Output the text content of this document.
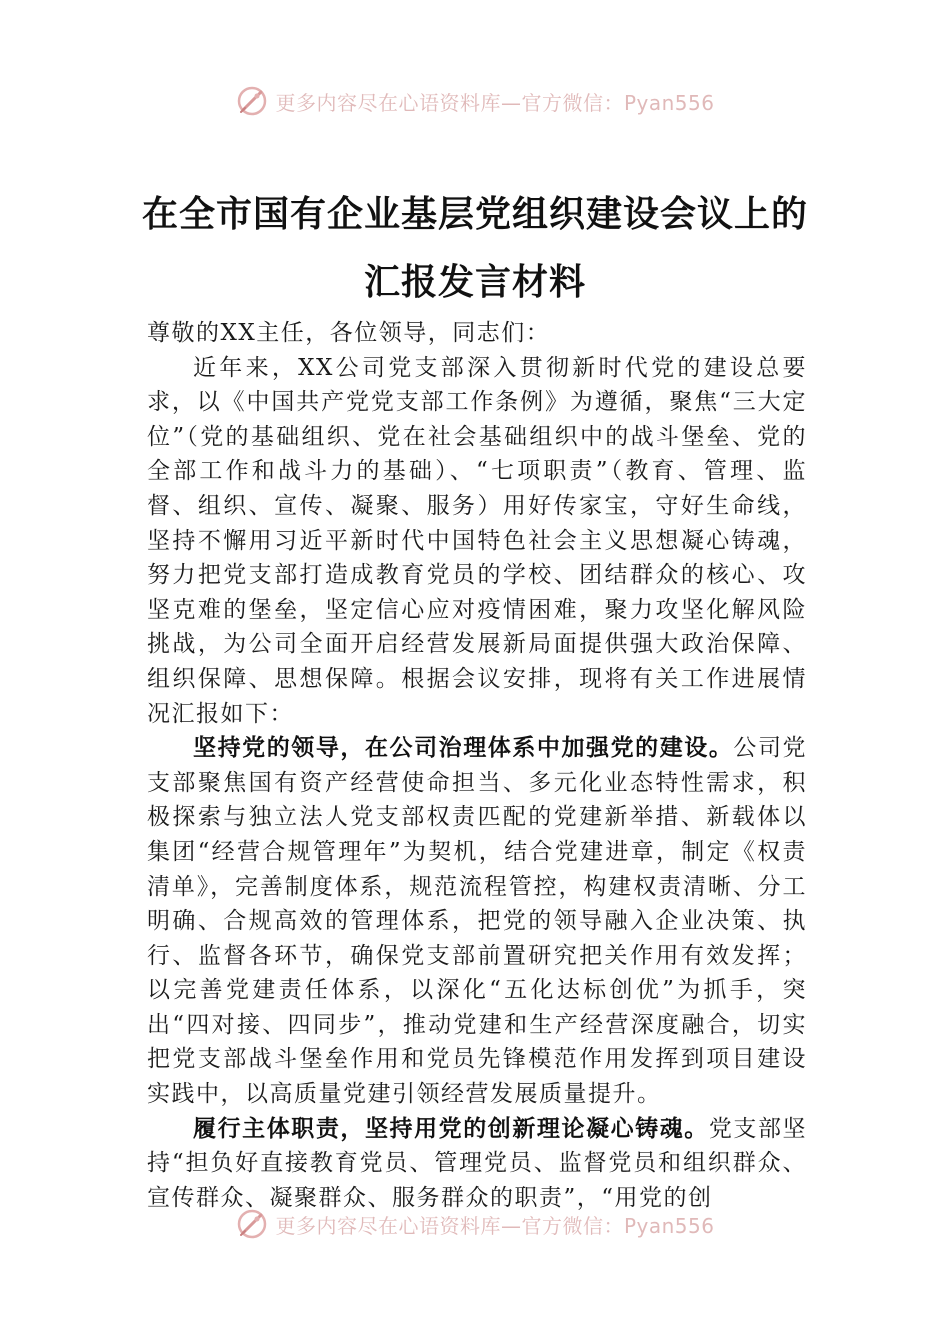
更多内容尽在心语资料库—官方微信：Pyan556
在全市国有企业基层党组织建设会议上的
汇报发言材料

尊敬的XX主任，各位领导，同志们：

近年来，XX公司党支部深入贯彻新时代党的建设总要求，以《中国共产党党支部工作条例》为遵循，聚焦“三大定位”（党的基础组织、党在社会基础组织中的战斗堡垒、党的全部工作和战斗力的基础）、“七项职责”（教育、管理、监督、组织、宣传、凝聚、服务）用好传家宝，守好生命线，坚持不懈用习近平新时代中国特色社会主义思想凝心铸魂，努力把党支部打造成教育党员的学校、团结群众的核心、攻坚克难的堡垒，坚定信心应对疫情困难，聚力攻坚化解风险挑战，为公司全面开启经营发展新局面提供强大政治保障、组织保障、思想保障。根据会议安排，现将有关工作进展情况汇报如下：

坚持党的领导，在公司治理体系中加强党的建设。公司党支部聚焦国有资产经营使命担当、多元化业态特性需求，积极探索与独立法人党支部权责匹配的党建新举措、新载体以集团“经营合规管理年”为契机，结合党建进章，制定《权责清单》，完善制度体系，规范流程管控，构建权责清晰、分工明确、合规高效的管理体系，把党的领导融入企业决策、执行、监督各环节，确保党支部前置研究把关作用有效发挥；以完善党建责任体系，以深化“五化达标创优”为抓手，突出“四对接、四同步”，推动党建和生产经营深度融合，切实把党支部战斗堡垒作用和党员先锋模范作用发挥到项目建设实践中，以高质量党建引领经营发展质量提升。

履行主体职责，坚持用党的创新理论凝心铸魂。党支部坚持“担负好直接教育党员、管理党员、监督党员和组织群众、宣传群众、凝聚群众、服务群众的职责”，“用党的创

更多内容尽在心语资料库—官方微信：Pyan556
